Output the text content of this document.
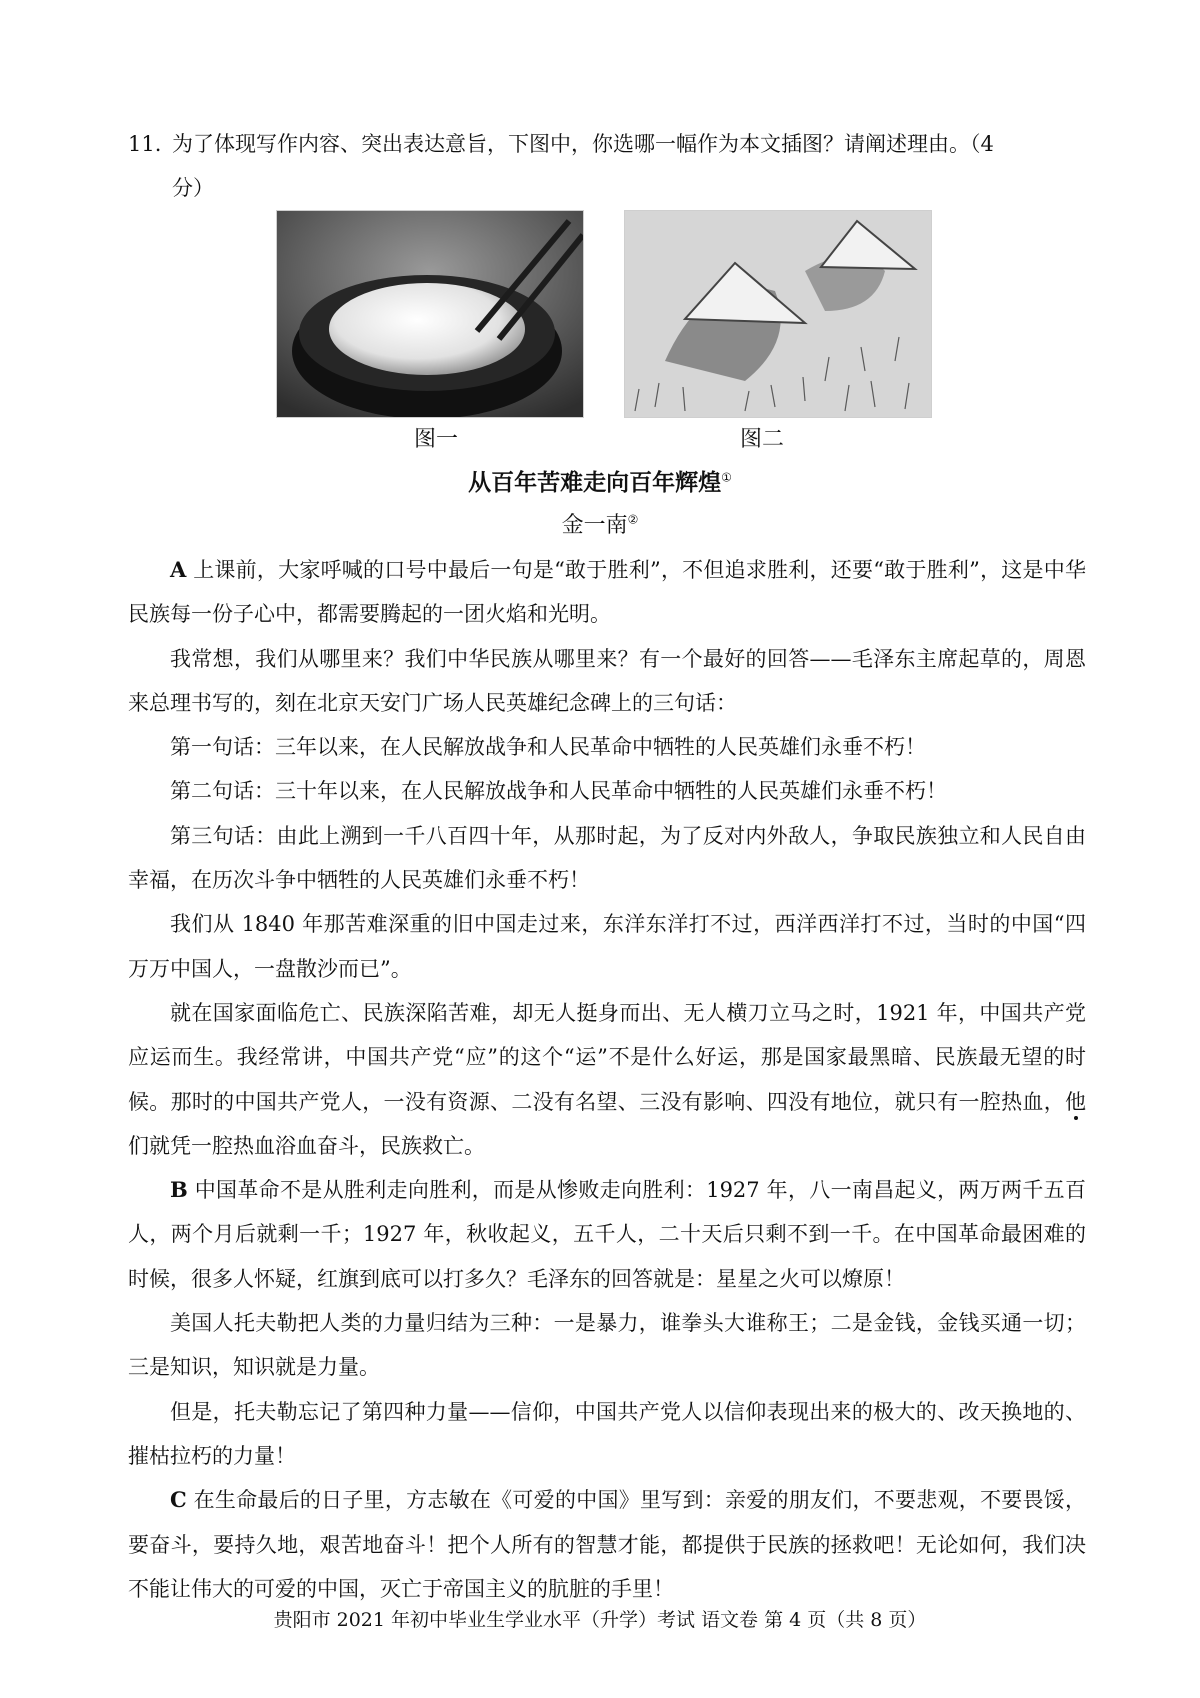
11. 为了体现写作内容、突出表达意旨，下图中，你选哪一幅作为本文插图？请阐述理由。（4
分）
图一	图二
从百年苦难走向百年辉煌①
金一南②

A 上课前，大家呼喊的口号中最后一句是“敢于胜利”，不但追求胜利，还要“敢于胜利”，这是中华民族每一份子心中，都需要腾起的一团火焰和光明。

我常想，我们从哪里来？我们中华民族从哪里来？有一个最好的回答——毛泽东主席起草的，周恩来总理书写的，刻在北京天安门广场人民英雄纪念碑上的三句话：

第一句话：三年以来，在人民解放战争和人民革命中牺牲的人民英雄们永垂不朽！

第二句话：三十年以来，在人民解放战争和人民革命中牺牲的人民英雄们永垂不朽！

第三句话：由此上溯到一千八百四十年，从那时起，为了反对内外敌人，争取民族独立和人民自由幸福，在历次斗争中牺牲的人民英雄们永垂不朽！

我们从 1840 年那苦难深重的旧中国走过来，东洋东洋打不过，西洋西洋打不过，当时的中国“四万万中国人，一盘散沙而已”。

就在国家面临危亡、民族深陷苦难，却无人挺身而出、无人横刀立马之时，1921 年，中国共产党应运而生。我经常讲，中国共产党“应”的这个“运”不是什么好运，那是国家最黑暗、民族最无望的时候。那时的中国共产党人，一没有资源、二没有名望、三没有影响、四没有地位，就只有一腔热血，他们就凭一腔热血浴血奋斗，民族救亡。

B 中国革命不是从胜利走向胜利，而是从惨败走向胜利：1927 年，八一南昌起义，两万两千五百人，两个月后就剩一千；1927 年，秋收起义，五千人，二十天后只剩不到一千。在中国革命最困难的时候，很多人怀疑，红旗到底可以打多久？毛泽东的回答就是：星星之火可以燎原！

美国人托夫勒把人类的力量归结为三种：一是暴力，谁拳头大谁称王；二是金钱，金钱买通一切；三是知识，知识就是力量。

但是，托夫勒忘记了第四种力量——信仰，中国共产党人以信仰表现出来的极大的、改天换地的、摧枯拉朽的力量！

C 在生命最后的日子里，方志敏在《可爱的中国》里写到：亲爱的朋友们，不要悲观，不要畏馁，要奋斗，要持久地，艰苦地奋斗！把个人所有的智慧才能，都提供于民族的拯救吧！无论如何，我们决不能让伟大的可爱的中国，灭亡于帝国主义的肮脏的手里！

贵阳市 2021 年初中毕业生学业水平（升学）考试 语文卷 第 4 页（共 8 页）
